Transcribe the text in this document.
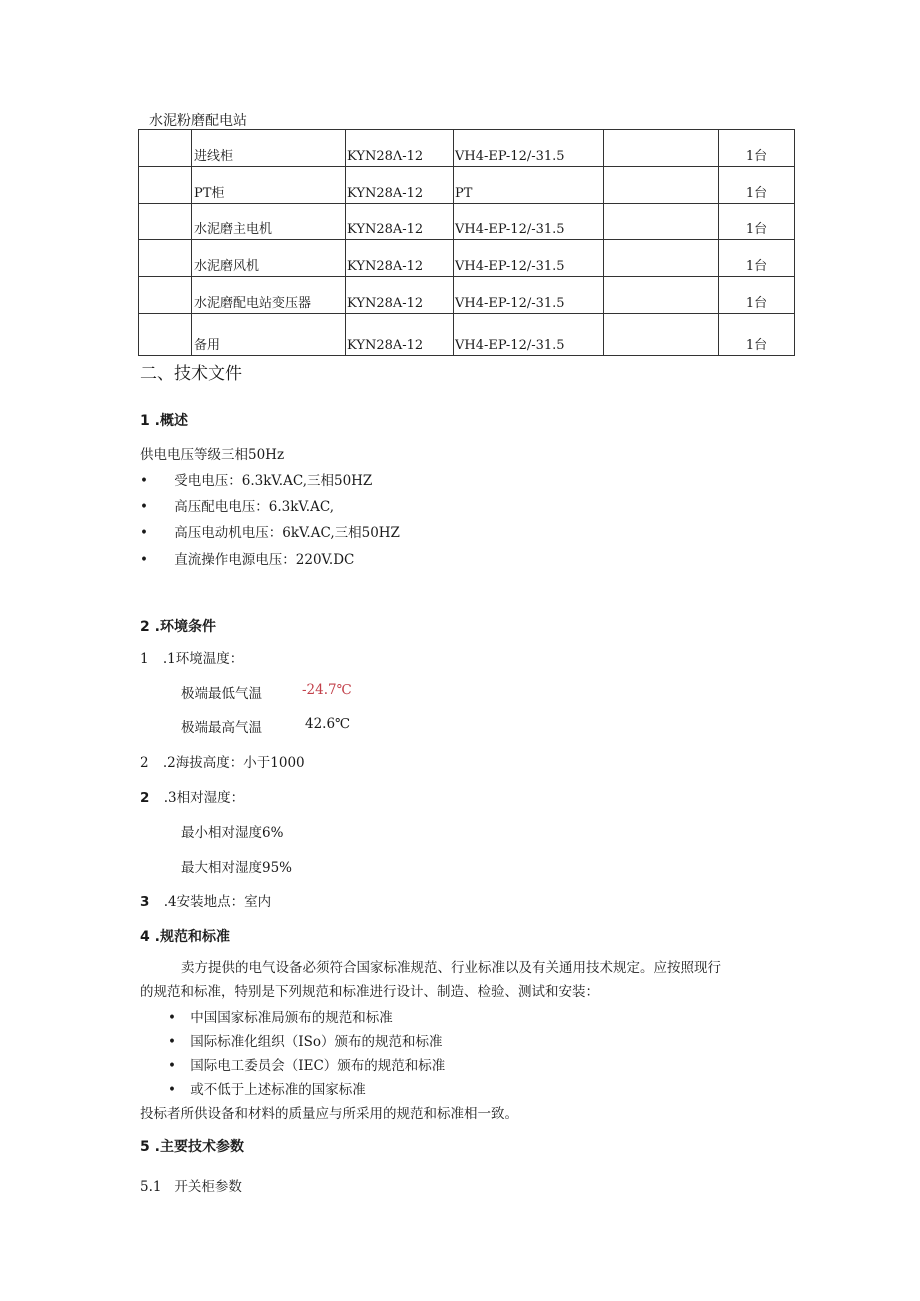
水泥粉磨配电站
	进线柜	KYN28Λ-12	VH4-EP-12/-31.5		1台
	PT柜	KYN28A-12	PT		1台
	水泥磨主电机	KYN28A-12	VH4-EP-12/-31.5		1台
	水泥磨风机	KYN28A-12	VH4-EP-12/-31.5		1台
	水泥磨配电站变压器	KYN28A-12	VH4-EP-12/-31.5		1台
	备用	KYN28A-12	VH4-EP-12/-31.5		1台
二、技术文件
1 .概述
供电电压等级三相50Hz
• 受电电压：6.3kV.AC,三相50HZ
• 高压配电电压：6.3kV.AC,
• 高压电动机电压：6kV.AC,三相50HZ
• 直流操作电源电压：220V.DC
2 .环境条件
1 .1环境温度：
极端最低气温	-24.7℃
极端最高气温	42.6℃
2 .2海拔高度：小于1000
2 .3相对湿度：
最小相对湿度6%
最大相对湿度95%
3 .4安装地点：室内
4 .规范和标准
卖方提供的电气设备必须符合国家标准规范、行业标准以及有关通用技术规定。应按照现行
的规范和标准，特别是下列规范和标准进行设计、制造、检验、测试和安装：
• 中国国家标准局颁布的规范和标准
• 国际标准化组织（ISo）颁布的规范和标准
• 国际电工委员会（IEC）颁布的规范和标准
• 或不低于上述标准的国家标准
投标者所供设备和材料的质量应与所采用的规范和标准相一致。
5 .主要技术参数
5.1   开关柜参数
